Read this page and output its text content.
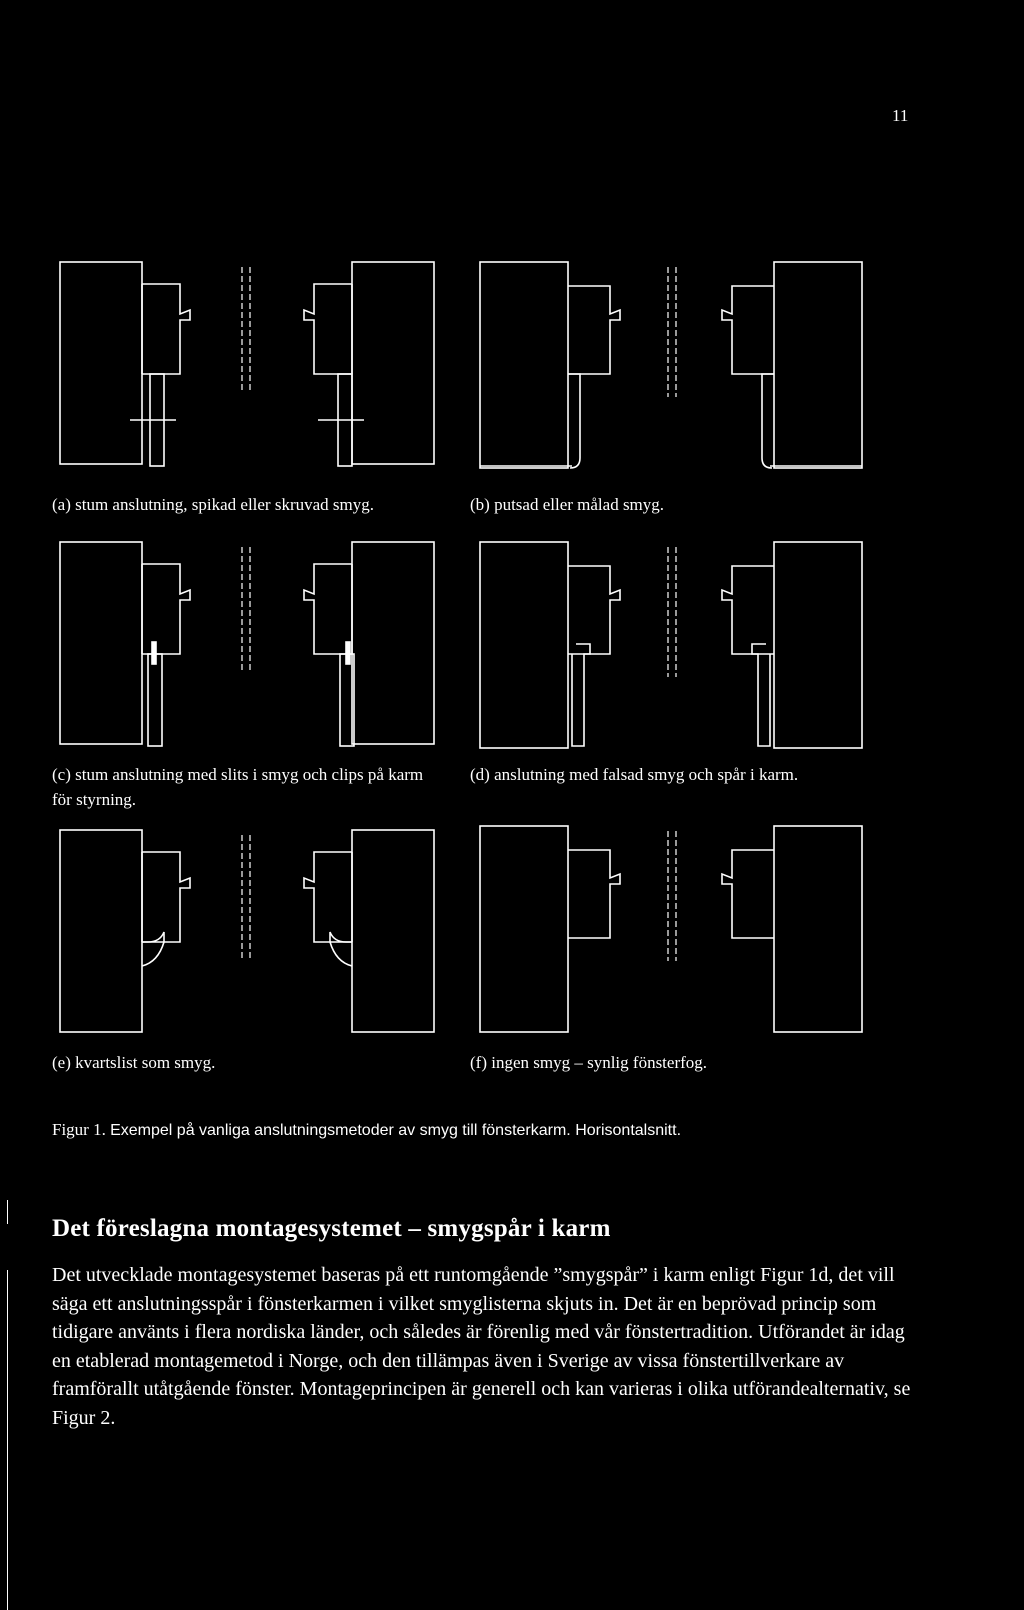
11

(a) stum anslutning, spikad eller skruvad smyg.	(b) putsad eller målad smyg.

(c) stum anslutning med slits i smyg och clips på karm för styrning.

(d) anslutning med falsad smyg och spår i karm.

(e) kvartslist som smyg.	(f) ingen smyg – synlig fönsterfog.

Figur 1. Exempel på vanliga anslutningsmetoder av smyg till fönsterkarm. Horisontalsnitt.

Det föreslagna montagesystemet – smygspår i karm

Det utvecklade montagesystemet baseras på ett runtomgående ”smygspår” i karm enligt Figur 1d, det vill säga ett anslutningsspår i fönsterkarmen i vilket smyglisterna skjuts in. Det är en beprövad princip som tidigare använts i flera nordiska länder, och således är förenlig med vår fönstertradition. Utförandet är idag en etablerad montagemetod i Norge, och den tillämpas även i Sverige av vissa fönstertillverkare av framförallt utåtgående fönster. Montageprincipen är generell och kan varieras i olika utförandealternativ, se Figur 2.
